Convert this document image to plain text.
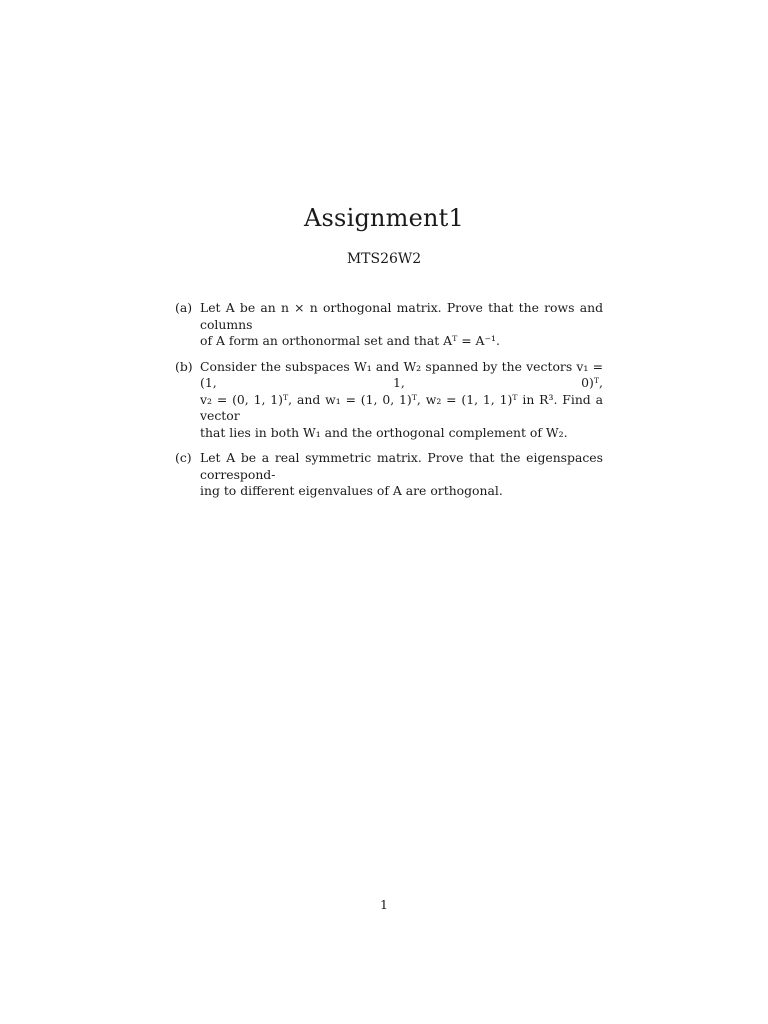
Assignment1
MTS26W2
(a) Let A be an n × n orthogonal matrix. Prove that the rows and columns
of A form an orthonormal set and that Aᵀ = A⁻¹.
(b) Consider the subspaces W₁ and W₂ spanned by the vectors v₁ = (1, 1, 0)ᵀ,
v₂ = (0, 1, 1)ᵀ, and w₁ = (1, 0, 1)ᵀ, w₂ = (1, 1, 1)ᵀ in R³. Find a vector
that lies in both W₁ and the orthogonal complement of W₂.
(c) Let A be a real symmetric matrix. Prove that the eigenspaces correspond-
ing to different eigenvalues of A are orthogonal.
1
